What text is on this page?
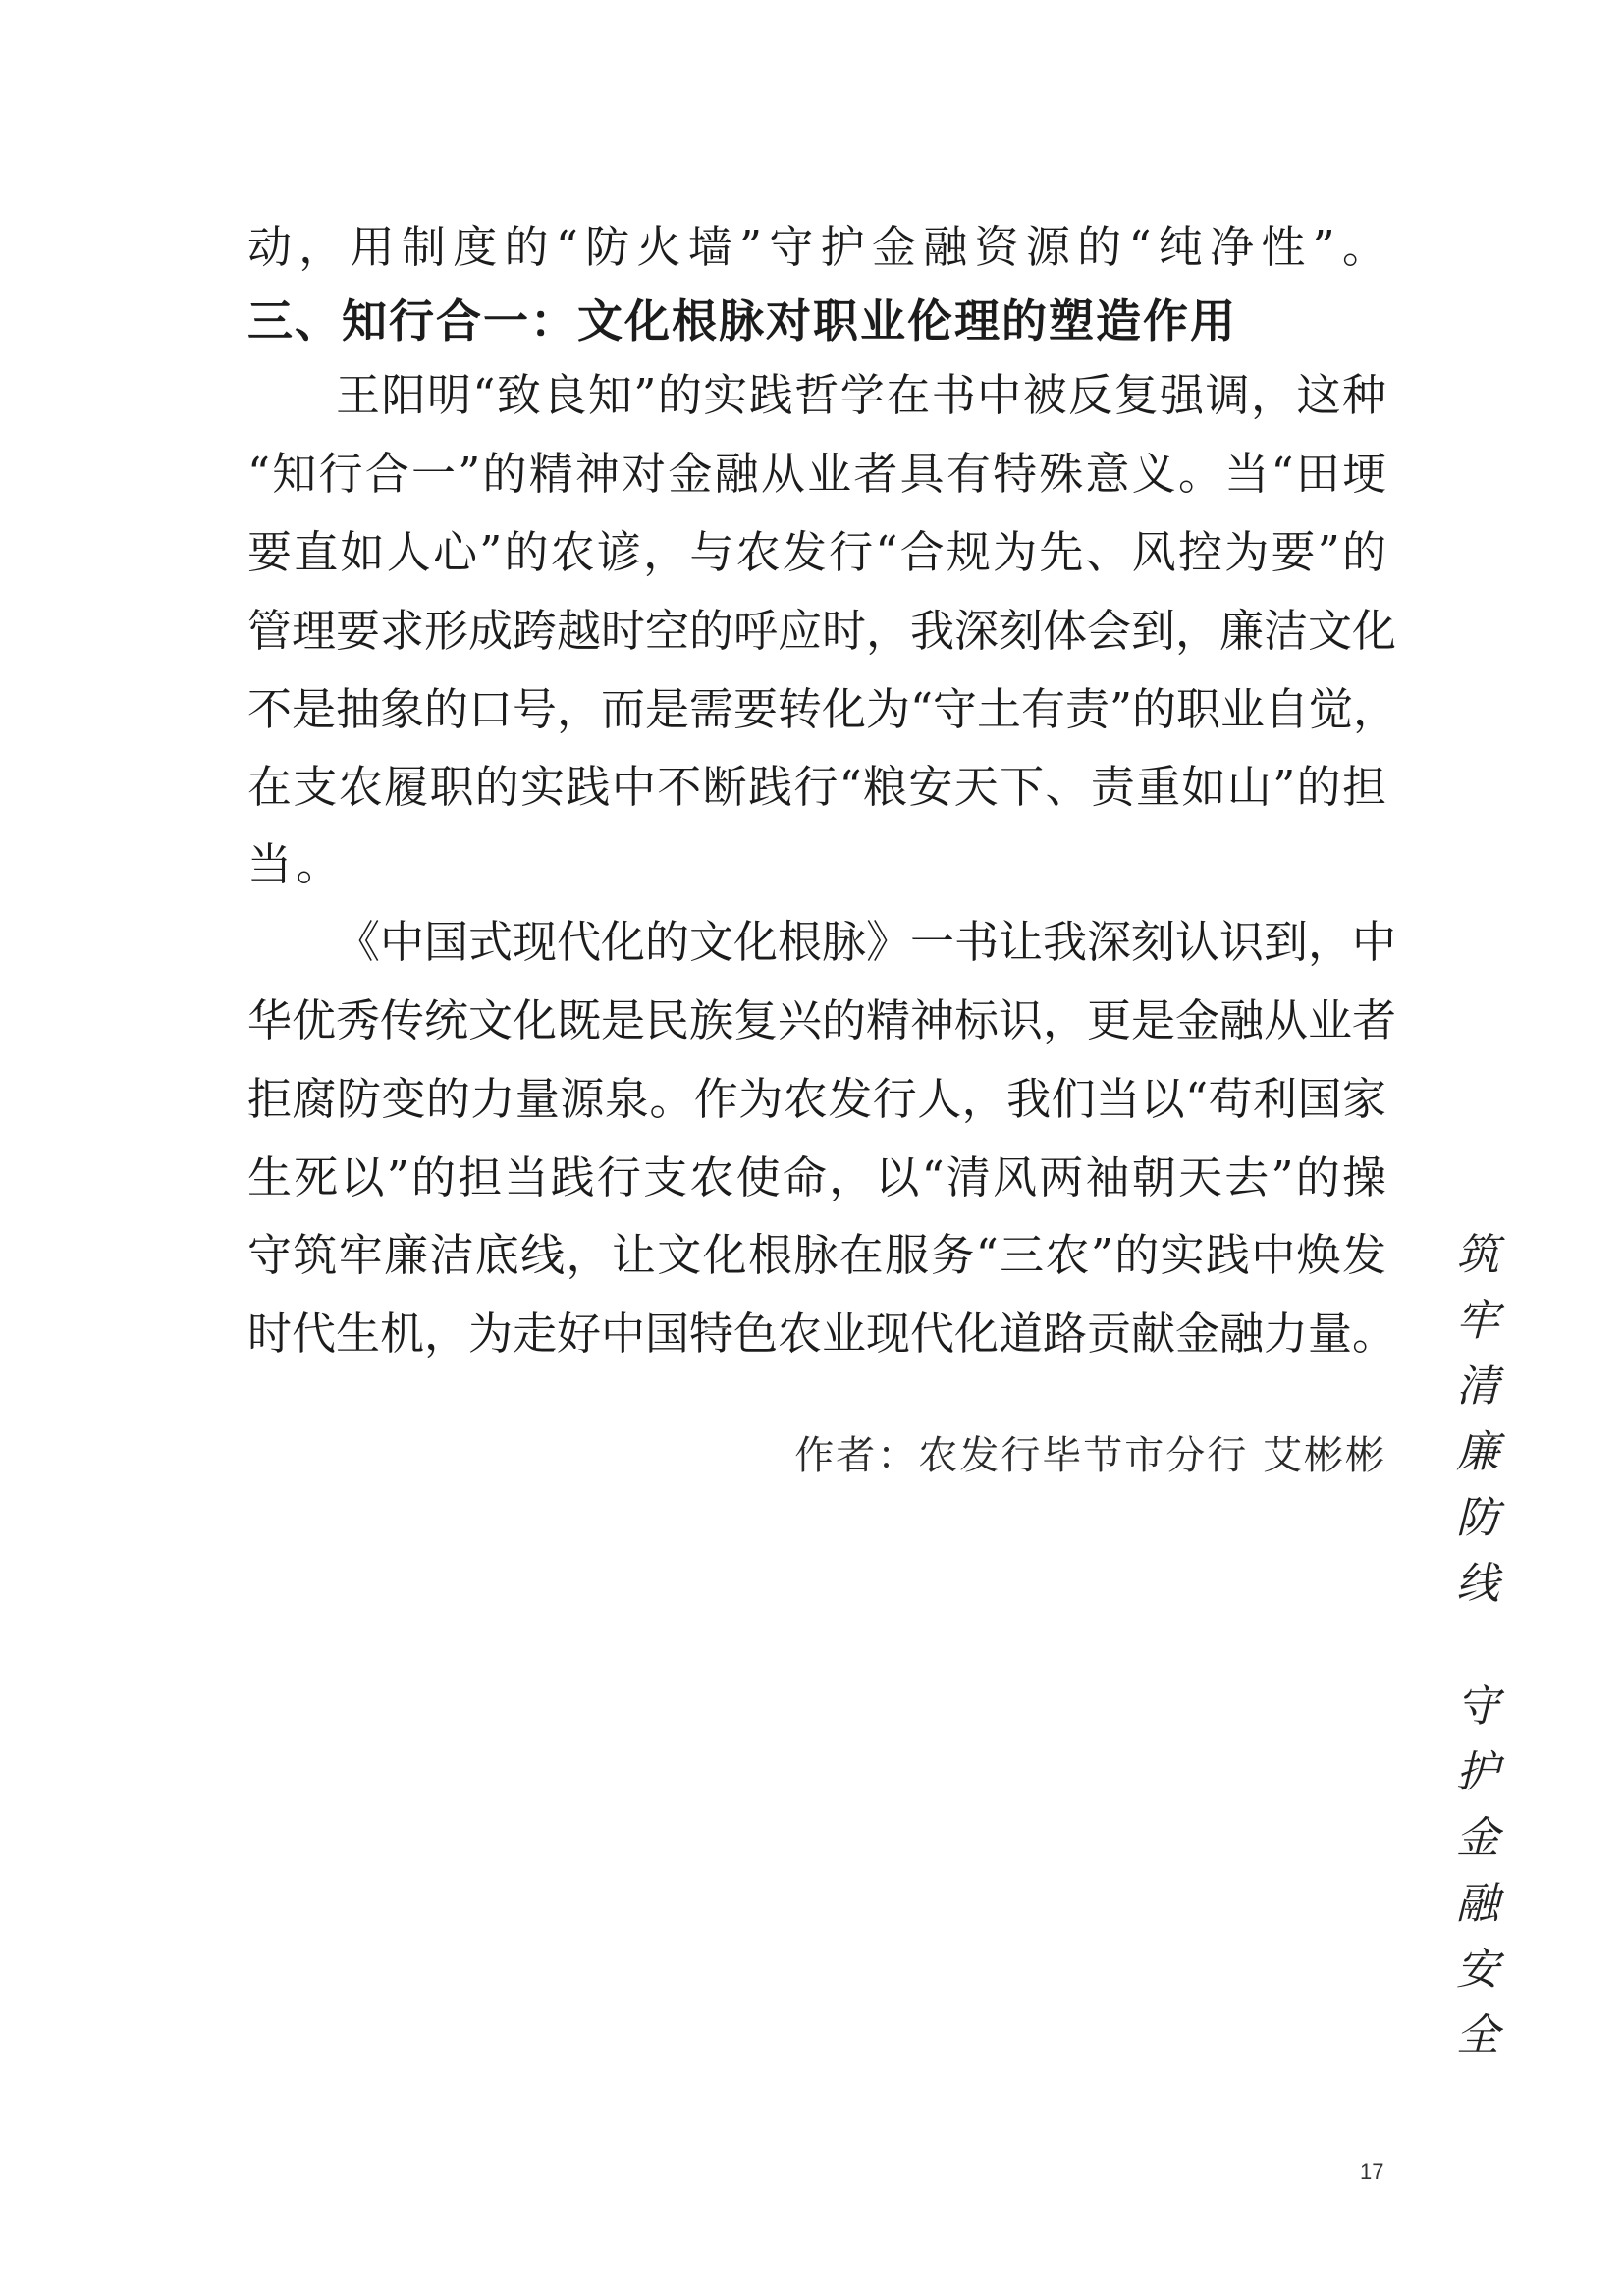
动，用制度的“防火墙”守护金融资源的“纯净性”。
三、知行合一：文化根脉对职业伦理的塑造作用
王阳明“致良知”的实践哲学在书中被反复强调，这种
“知行合一”的精神对金融从业者具有特殊意义。当“田埂
要直如人心”的农谚，与农发行“合规为先、风控为要”的
管理要求形成跨越时空的呼应时，我深刻体会到，廉洁文化
不是抽象的口号，而是需要转化为“守土有责”的职业自觉，
在支农履职的实践中不断践行“粮安天下、责重如山”的担
当。
《中国式现代化的文化根脉》一书让我深刻认识到，中
华优秀传统文化既是民族复兴的精神标识，更是金融从业者
拒腐防变的力量源泉。作为农发行人，我们当以“苟利国家
生死以”的担当践行支农使命，以“清风两袖朝天去”的操
守筑牢廉洁底线，让文化根脉在服务“三农”的实践中焕发
时代生机，为走好中国特色农业现代化道路贡献金融力量。
作者：农发行毕节市分行 艾彬彬
筑
牢
清
廉
防
线
守
护
金
融
安
全
17
